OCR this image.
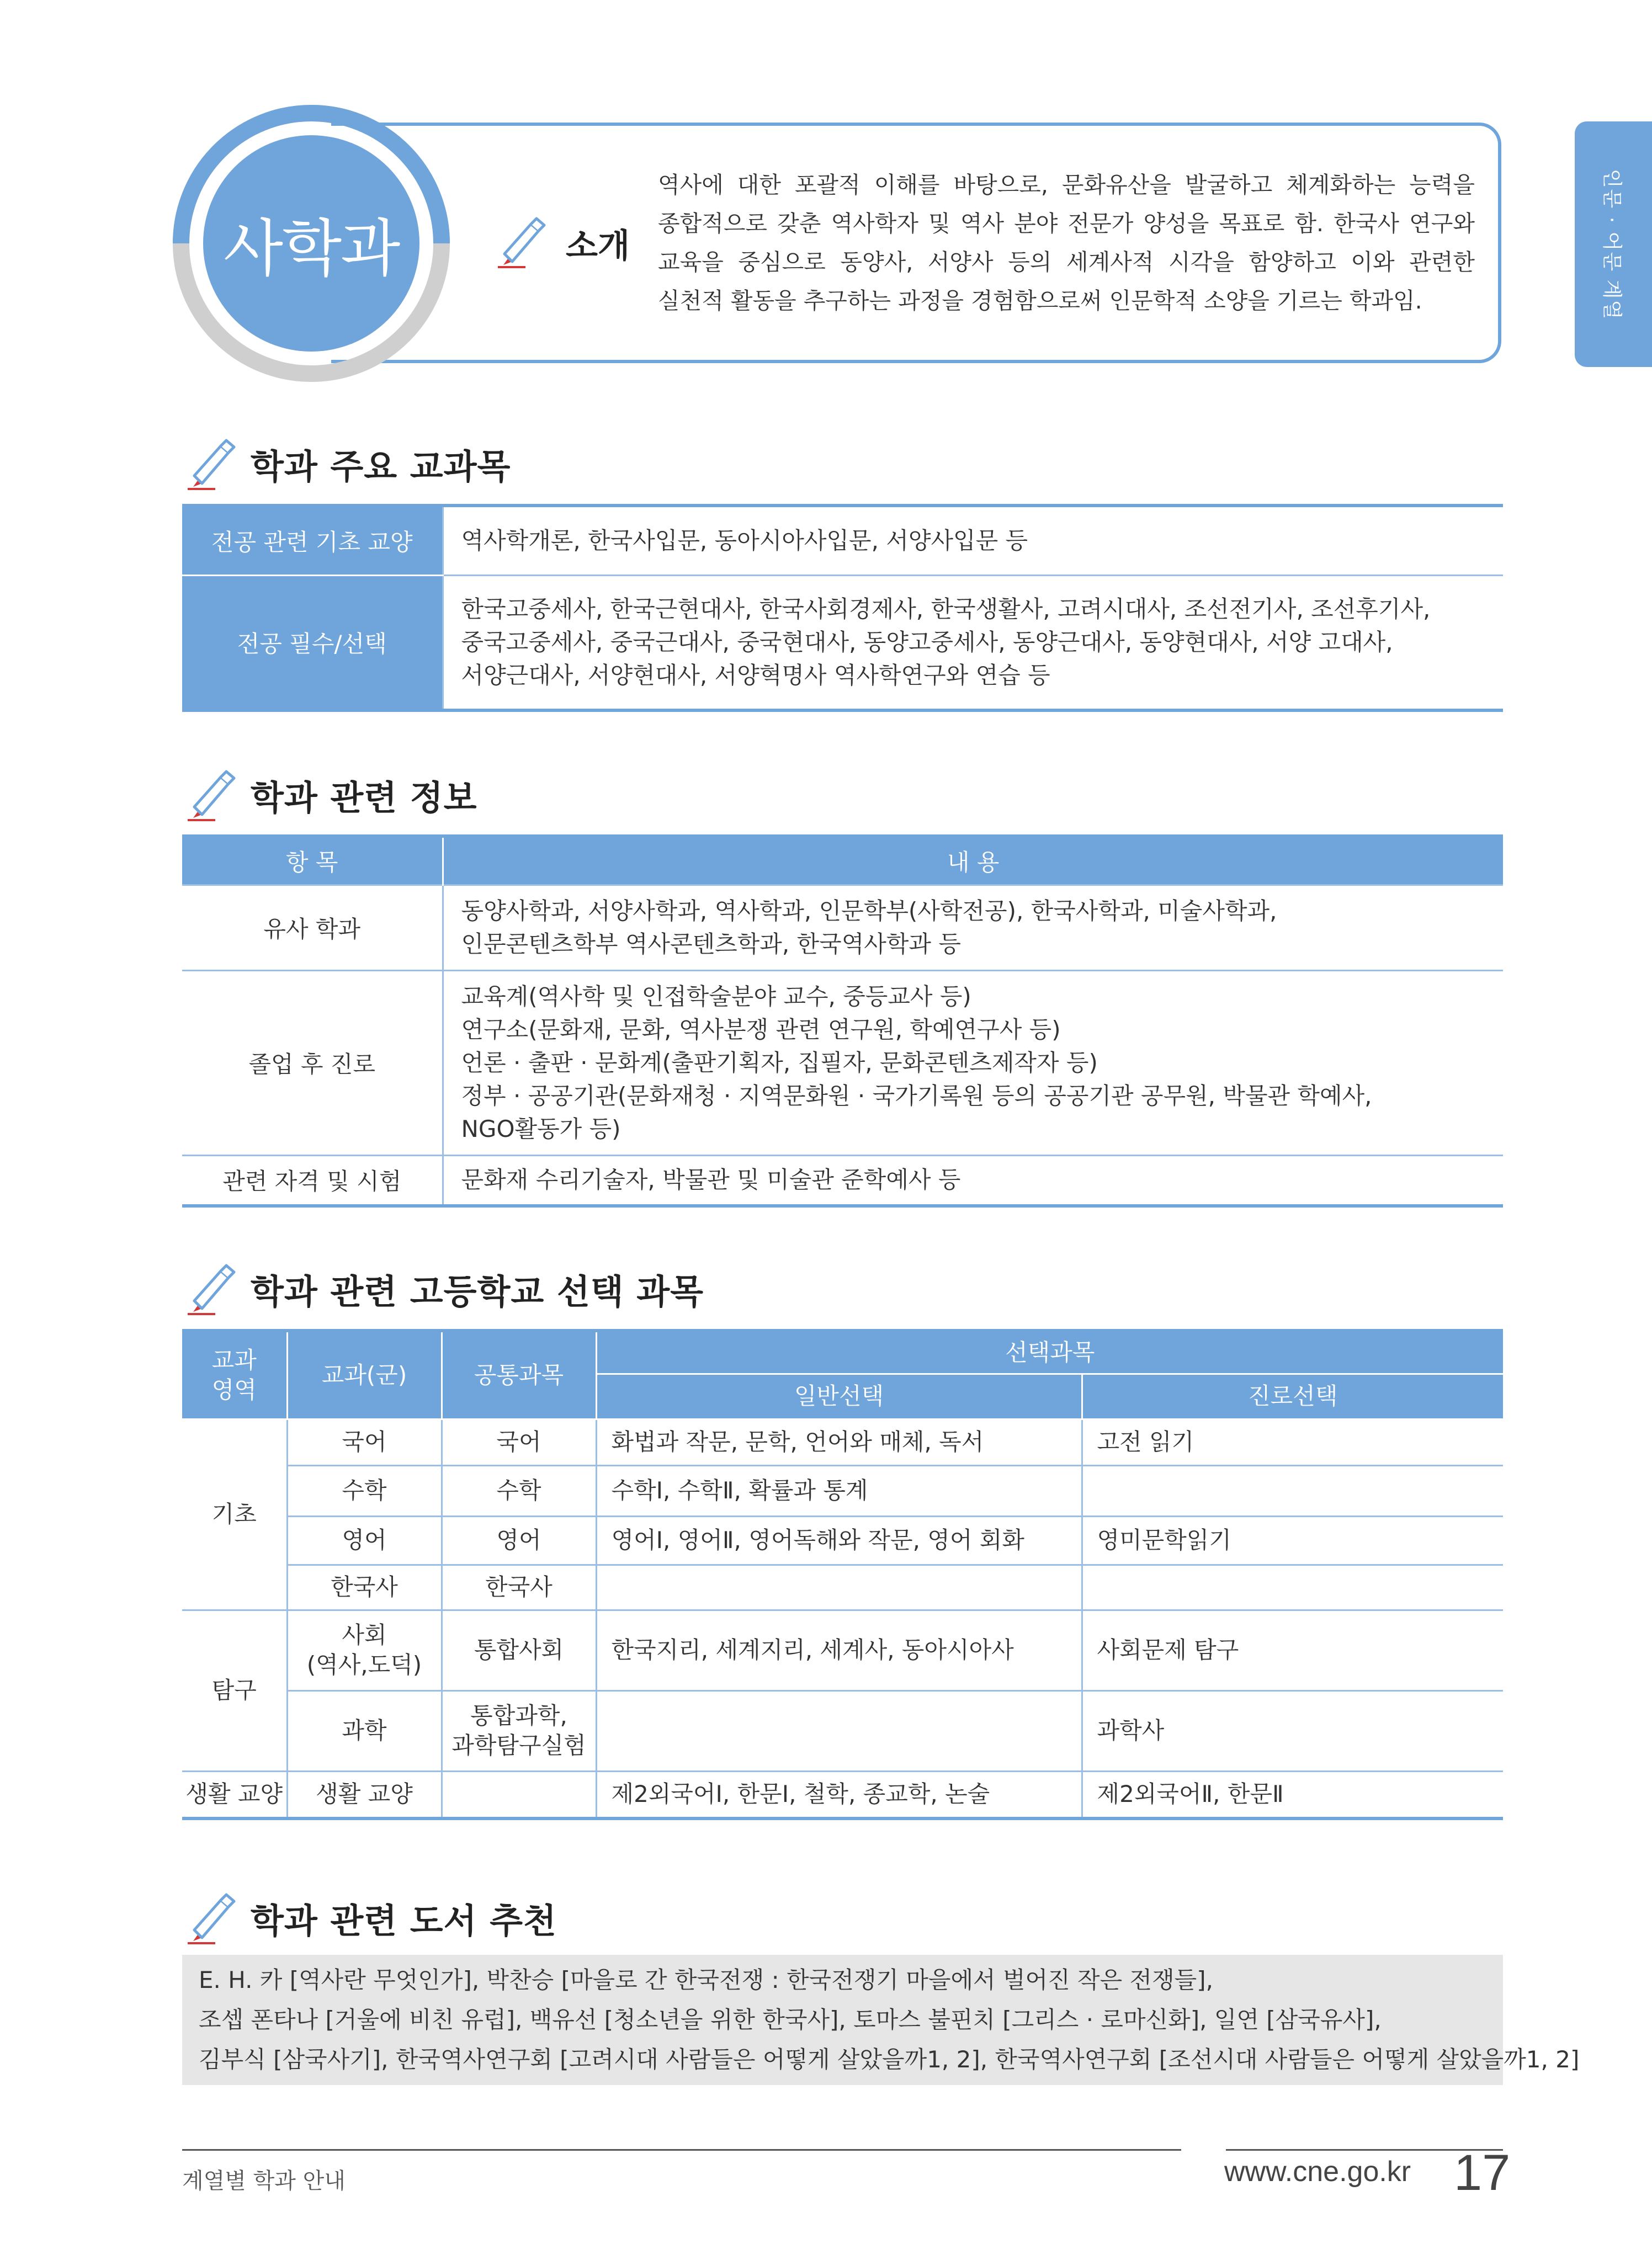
인문 · 어문 계열
사학과	소개

역사에 대한 포괄적 이해를 바탕으로, 문화유산을 발굴하고 체계화하는 능력을

종합적으로 갖춘 역사학자 및 역사 분야 전문가 양성을 목표로 함. 한국사 연구와

교육을 중심으로 동양사, 서양사 등의 세계사적 시각을 함양하고 이와 관련한

실천적 활동을 추구하는 과정을 경험함으로써 인문학적 소양을 기르는 학과임.

학과 주요 교과목
전공 관련 기초 교양	역사학개론, 한국사입문, 동아시아사입문, 서양사입문 등

전공 필수/선택	한국고중세사, 한국근현대사, 한국사회경제사, 한국생활사, 고려시대사, 조선전기사, 조선후기사,

중국고중세사, 중국근대사, 중국현대사, 동양고중세사, 동양근대사, 동양현대사, 서양 고대사,

서양근대사, 서양현대사, 서양혁명사 역사학연구와 연습 등

학과 관련 정보
항 목	내 용
유사 학과	동양사학과, 서양사학과, 역사학과, 인문학부(사학전공), 한국사학과, 미술사학과,

인문콘텐츠학부 역사콘텐츠학과, 한국역사학과 등

졸업 후 진로	교육계(역사학 및 인접학술분야 교수, 중등교사 등)

연구소(문화재, 문화, 역사분쟁 관련 연구원, 학예연구사 등)

언론 · 출판 · 문화계(출판기획자, 집필자, 문화콘텐츠제작자 등)

정부 · 공공기관(문화재청 · 지역문화원 · 국가기록원 등의 공공기관 공무원, 박물관 학예사,

NGO활동가 등)

관련 자격 및 시험	문화재 수리기술자, 박물관 및 미술관 준학예사 등

학과 관련 고등학교 선택 과목
교과
영역	교과(군)	공통과목	선택과목	
			일반선택	진로선택
기초	국어	국어	화법과 작문, 문학, 언어와 매체, 독서	고전 읽기
	수학	수학	수학Ⅰ, 수학Ⅱ, 확률과 통계	
	영어	영어	영어Ⅰ, 영어Ⅱ, 영어독해와 작문, 영어 회화	영미문학읽기
	한국사	한국사		
탐구	사회
(역사,도덕)	통합사회	한국지리, 세계지리, 세계사, 동아시아사	사회문제 탐구
	과학	통합과학,
과학탐구실험		과학사
생활 교양	생활 교양		제2외국어Ⅰ, 한문Ⅰ, 철학, 종교학, 논술	제2외국어Ⅱ, 한문Ⅱ
학과 관련 도서 추천

E. H. 카 [역사란 무엇인가], 박찬승 [마을로 간 한국전쟁 : 한국전쟁기 마을에서 벌어진 작은 전쟁들],

조셉 폰타나 [거울에 비친 유럽], 백유선 [청소년을 위한 한국사], 토마스 불핀치 [그리스 · 로마신화], 일연 [삼국유사],

김부식 [삼국사기], 한국역사연구회 [고려시대 사람들은 어떻게 살았을까1, 2], 한국역사연구회 [조선시대 사람들은 어떻게 살았을까1, 2]

계열별 학과 안내	www.cne.go.kr 17
